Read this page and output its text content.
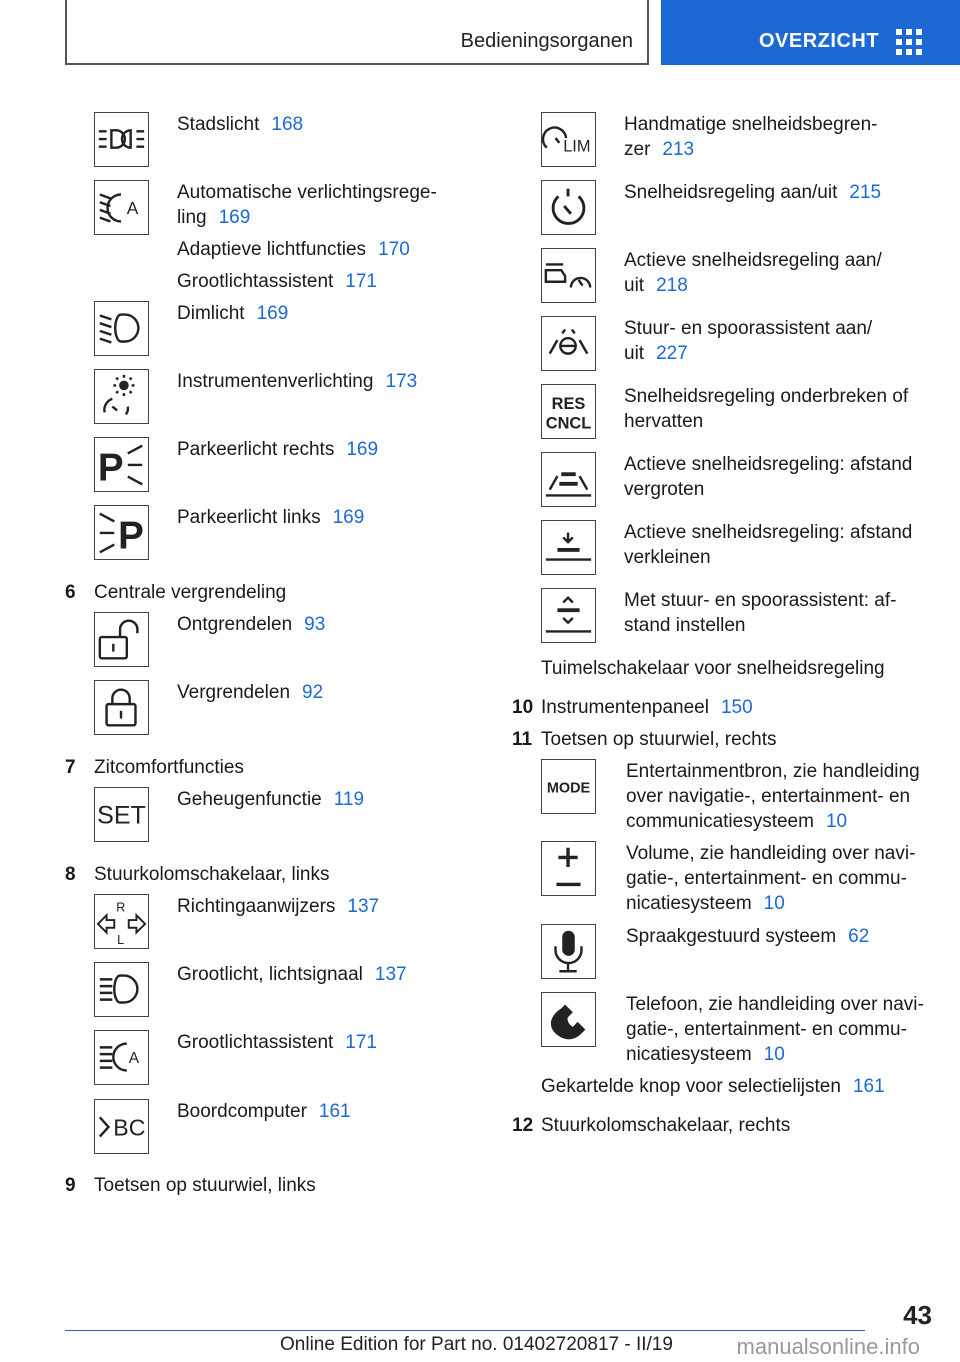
Bedieningsorganen	OVERZICHT
Stadslicht 168
A
Automatische verlichtingsrege-
ling 169
Adaptieve lichtfuncties 170
Grootlichtassistent 171
Dimlicht 169
Instrumentenverlichting 173
P	Parkeerlicht rechts 169
P Parkeerlicht links 169
6 Centrale vergrendeling
Ontgrendelen 93
Vergrendelen 92
7 Zitcomfortfuncties
SET
Geheugenfunctie 119
8 Stuurkolomschakelaar, links
R
L
Richtingaanwijzers 137
Grootlicht, lichtsignaal 137
A
Grootlichtassistent 171
BC
Boordcomputer 161
9 Toetsen op stuurwiel, links
LIM
Handmatige snelheidsbegren-
zer 213
Snelheidsregeling aan/uit 215
Actieve snelheidsregeling aan/
uit 218
Stuur- en spoorassistent aan/
uit 227
RES
CNCL
Snelheidsregeling onderbreken of
hervatten
Actieve snelheidsregeling: afstand
vergroten
Actieve snelheidsregeling: afstand
verkleinen
Met stuur- en spoorassistent: af-
stand instellen
Tuimelschakelaar voor snelheidsregeling
10 Instrumentenpaneel 150
11 Toetsen op stuurwiel, rechts
MODE
Entertainmentbron, zie handleiding
over navigatie-, entertainment- en
communicatiesysteem 10
Volume, zie handleiding over navi-
gatie-, entertainment- en commu-
nicatiesysteem 10
Spraakgestuurd systeem 62
Telefoon, zie handleiding over navi-
gatie-, entertainment- en commu-
nicatiesysteem 10
Gekartelde knop voor selectielijsten 161
12 Stuurkolomschakelaar, rechts
43
Online Edition for Part no. 01402720817 - II/19	manualsonline.info
